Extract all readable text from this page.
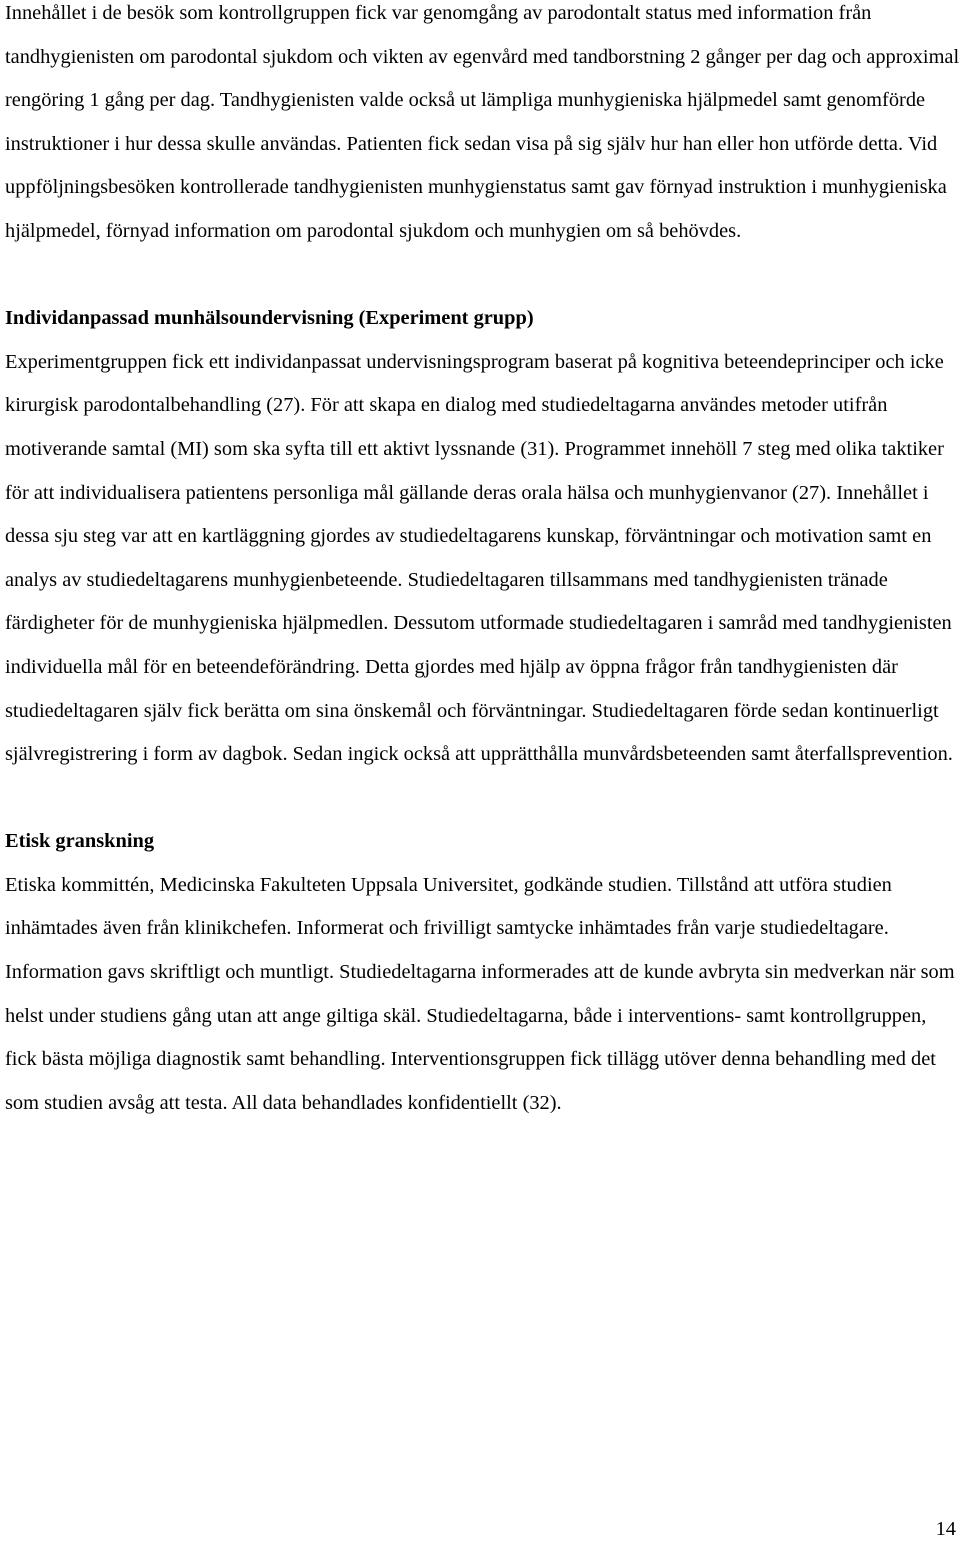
Innehållet i de besök som kontrollgruppen fick var genomgång av parodontalt status med information från tandhygienisten om parodontal sjukdom och vikten av egenvård med tandborstning 2 gånger per dag och approximal rengöring 1 gång per dag. Tandhygienisten valde också ut lämpliga munhygieniska hjälpmedel samt genomförde instruktioner i hur dessa skulle användas. Patienten fick sedan visa på sig själv hur han eller hon utförde detta. Vid uppföljningsbesöken kontrollerade tandhygienisten munhygienstatus samt gav förnyad instruktion i munhygieniska hjälpmedel, förnyad information om parodontal sjukdom och munhygien om så behövdes.

Individanpassad munhälsoundervisning (Experiment grupp)

Experimentgruppen fick ett individanpassat undervisningsprogram baserat på kognitiva beteendeprinciper och icke kirurgisk parodontalbehandling (27). För att skapa en dialog med studiedeltagarna användes metoder utifrån motiverande samtal (MI) som ska syfta till ett aktivt lyssnande (31). Programmet innehöll 7 steg med olika taktiker för att individualisera patientens personliga mål gällande deras orala hälsa och munhygienvanor (27). Innehållet i dessa sju steg var att en kartläggning gjordes av studiedeltagarens kunskap, förväntningar och motivation samt en analys av studiedeltagarens munhygienbeteende. Studiedeltagaren tillsammans med tandhygienisten tränade färdigheter för de munhygieniska hjälpmedlen. Dessutom utformade studiedeltagaren i samråd med tandhygienisten individuella mål för en beteendeförändring. Detta gjordes med hjälp av öppna frågor från tandhygienisten där studiedeltagaren själv fick berätta om sina önskemål och förväntningar. Studiedeltagaren förde sedan kontinuerligt självregistrering i form av dagbok. Sedan ingick också att upprätthålla munvårdsbeteenden samt återfallsprevention.

Etisk granskning

Etiska kommittén, Medicinska Fakulteten Uppsala Universitet, godkände studien. Tillstånd att utföra studien inhämtades även från klinikchefen. Informerat och frivilligt samtycke inhämtades från varje studiedeltagare. Information gavs skriftligt och muntligt. Studiedeltagarna informerades att de kunde avbryta sin medverkan när som helst under studiens gång utan att ange giltiga skäl. Studiedeltagarna, både i interventions- samt kontrollgruppen, fick bästa möjliga diagnostik samt behandling. Interventionsgruppen fick tillägg utöver denna behandling med det som studien avsåg att testa. All data behandlades konfidentiellt (32).

14
